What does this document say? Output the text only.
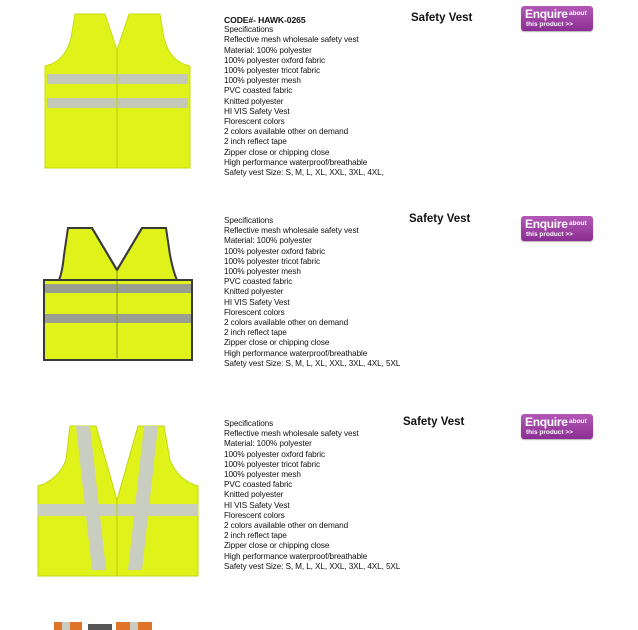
CODE#- HAWK-0265
Specifications
Reflective mesh wholesale safety vest
Material: 100% polyester
100% polyester oxford fabric
100% polyester tricot fabric
100% polyester mesh
PVC coasted fabric
Knitted polyester
HI VIS Safety Vest
Florescent colors
2 colors available other on demand
2 inch reflect tape
Zipper close or chipping close
High performance waterproof/breathable
Safety vest Size: S, M, L, XL, XXL, 3XL, 4XL,
Safety Vest	Enquire about
this product >>
Specifications
Reflective mesh wholesale safety vest
Material: 100% polyester
100% polyester oxford fabric
100% polyester tricot fabric
100% polyester mesh
PVC coasted fabric
Knitted polyester
HI VIS Safety Vest
Florescent colors
2 colors available other on demand
2 inch reflect tape
Zipper close or chipping close
High performance waterproof/breathable
Safety vest Size: S, M, L, XL, XXL, 3XL, 4XL, 5XL
Safety Vest	Enquire about
this product >>
Specifications
Reflective mesh wholesale safety vest
Material: 100% polyester
100% polyester oxford fabric
100% polyester tricot fabric
100% polyester mesh
PVC coasted fabric
Knitted polyester
HI VIS Safety Vest
Florescent colors
2 colors available other on demand
2 inch reflect tape
Zipper close or chipping close
High performance waterproof/breathable
Safety vest Size: S, M, L, XL, XXL, 3XL, 4XL, 5XL
Safety Vest	Enquire about
this product >>
